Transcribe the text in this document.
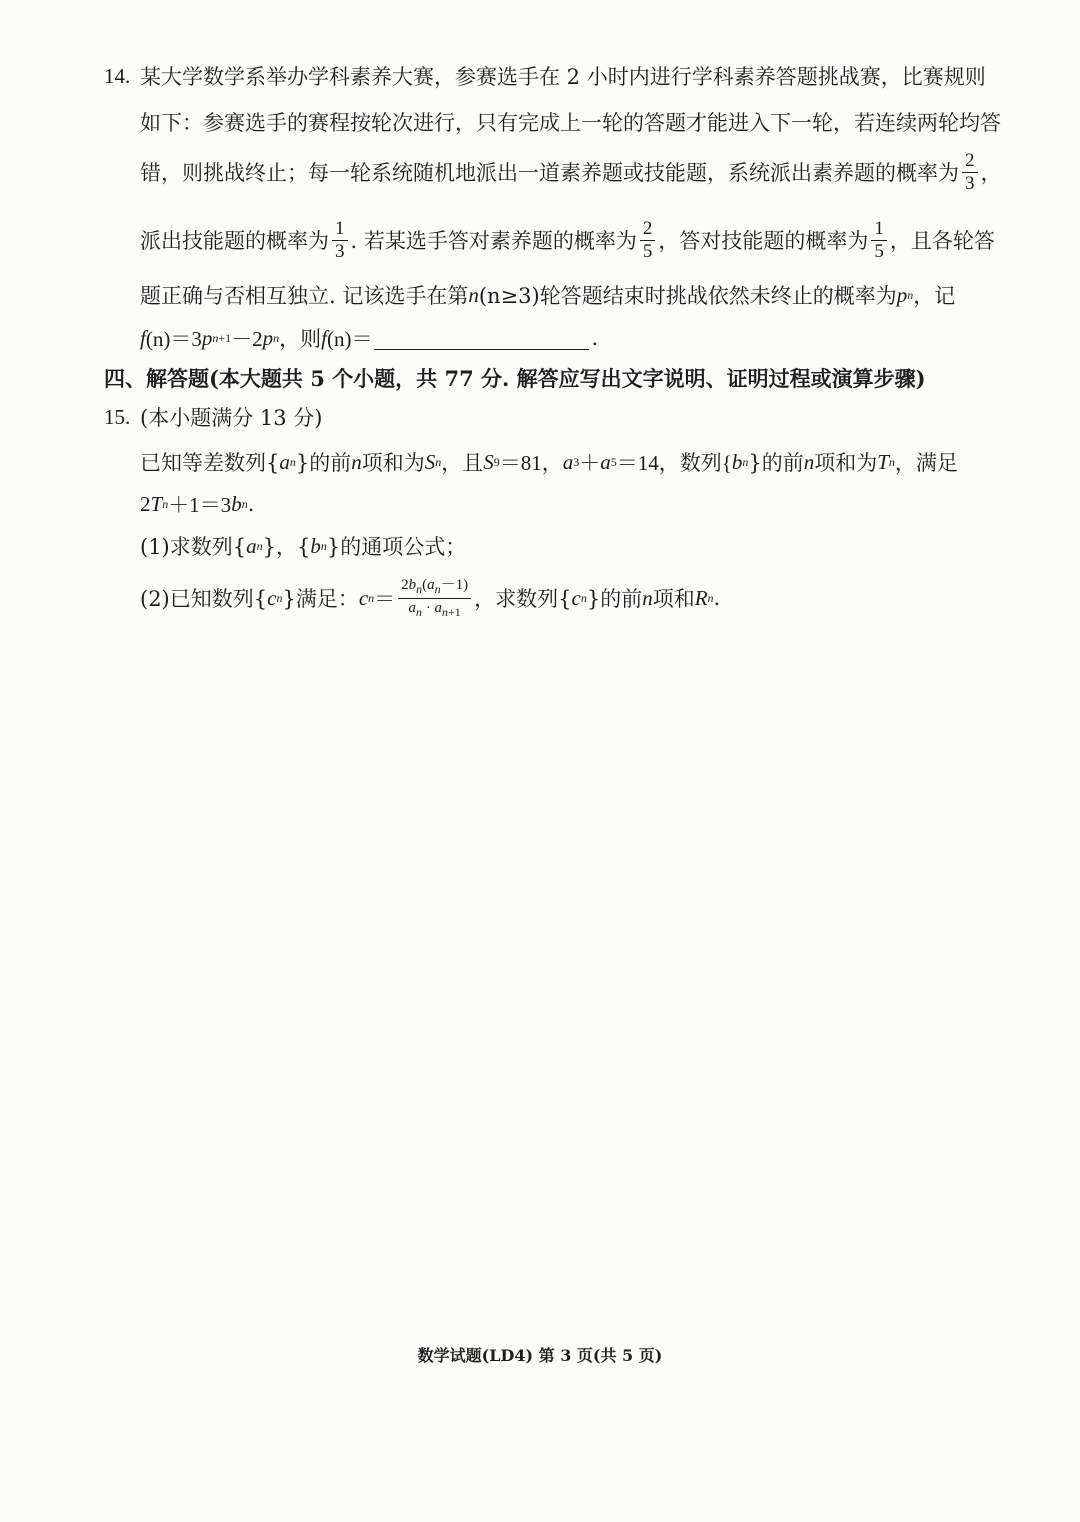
14. 某大学数学系举办学科素养大赛，参赛选手在 2 小时内进行学科素养答题挑战赛，比赛规则
如下：参赛选手的赛程按轮次进行，只有完成上一轮的答题才能进入下一轮，若连续两轮均答
错，则挑战终止；每一轮系统随机地派出一道素养题或技能题，系统派出素养题的概率为 $\frac{2}{3}$ ，
派出技能题的概率为 $\frac{1}{3}$ . 若某选手答对素养题的概率为 $\frac{2}{5}$ ，答对技能题的概率为 $\frac{1}{5}$ ，且各轮答
题正确与否相互独立. 记该选手在第 n (n≥3)轮答题结束时挑战依然未终止的概率为 p n ，记
f (n)＝3 p n+1 －2 p n ，则 f (n)＝	.
四、解答题(本大题共 5 个小题，共 77 分. 解答应写出文字说明、证明过程或演算步骤)
15. (本小题满分 13 分)
已知等差数列{ a n }的前 n 项和为 S n ，且 S 9 ＝81， a 3 ＋ a 5 ＝14，数列{ b n }的前 n 项和为 T n ，满足
2 T n ＋1＝3 b n .
(1)求数列{ a n }，{ b n }的通项公式；
(2)已知数列{ c n }满足： c $n = \frac{2b_n(a_n-1)}{a_n \cdot a_{n+1}}$ ，求数列{ c n }的前 n 项和 R n .
数学试题(LD4) 第 3 页(共 5 页)
